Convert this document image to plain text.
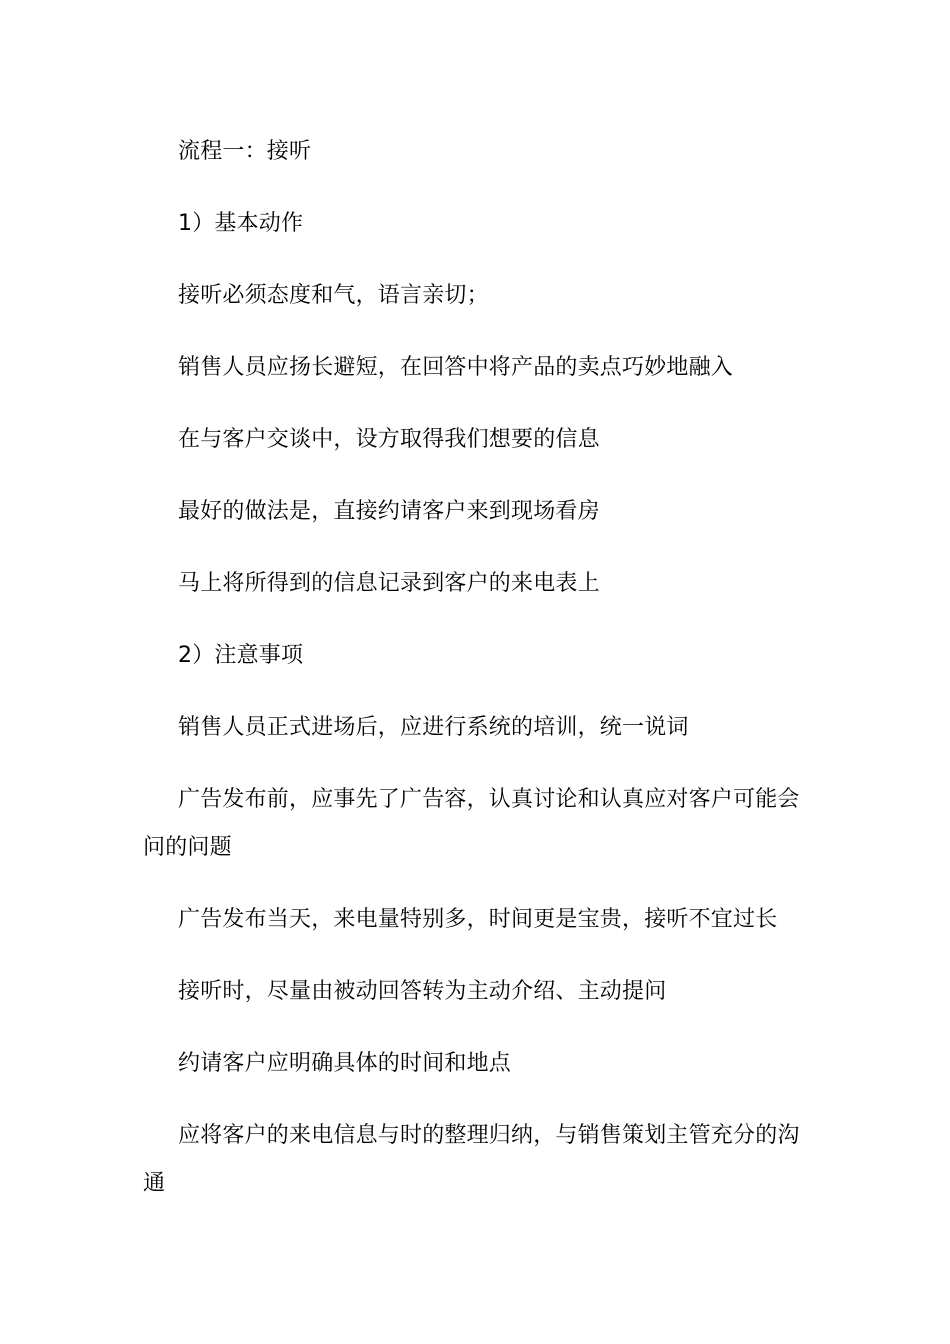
流程一：接听

1）基本动作

接听必须态度和气，语言亲切；

销售人员应扬长避短，在回答中将产品的卖点巧妙地融入

在与客户交谈中，设方取得我们想要的信息

最好的做法是，直接约请客户来到现场看房

马上将所得到的信息记录到客户的来电表上

2）注意事项

销售人员正式进场后，应进行系统的培训，统一说词

广告发布前，应事先了广告容，认真讨论和认真应对客户可能会问的问题

广告发布当天，来电量特别多，时间更是宝贵，接听不宜过长

接听时，尽量由被动回答转为主动介绍、主动提问

约请客户应明确具体的时间和地点

应将客户的来电信息与时的整理归纳，与销售策划主管充分的沟通
